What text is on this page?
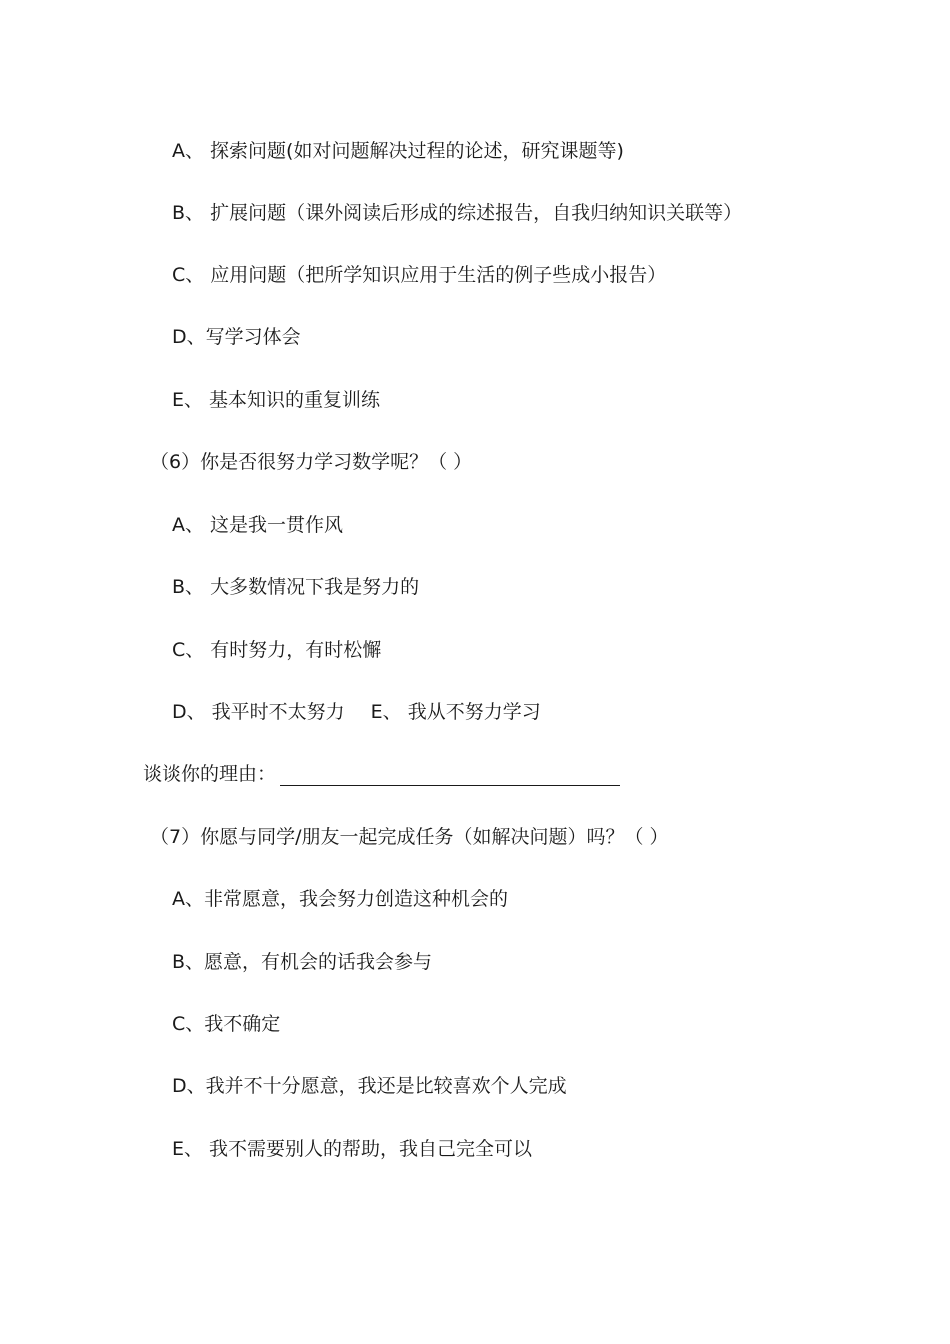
A、 探索问题(如对问题解决过程的论述，研究课题等)
B、 扩展问题（课外阅读后形成的综述报告，自我归纳知识关联等）
C、 应用问题（把所学知识应用于生活的例子些成小报告）
D、写学习体会
E、 基本知识的重复训练
（6）你是否很努力学习数学呢？（ ）
A、 这是我一贯作风
B、 大多数情况下我是努力的
C、 有时努力，有时松懈
D、 我平时不太努力 E、 我从不努力学习
谈谈你的理由：
（7）你愿与同学/朋友一起完成任务（如解决问题）吗？（ ）
A、非常愿意，我会努力创造这种机会的
B、愿意，有机会的话我会参与
C、我不确定
D、我并不十分愿意，我还是比较喜欢个人完成
E、 我不需要别人的帮助，我自己完全可以
